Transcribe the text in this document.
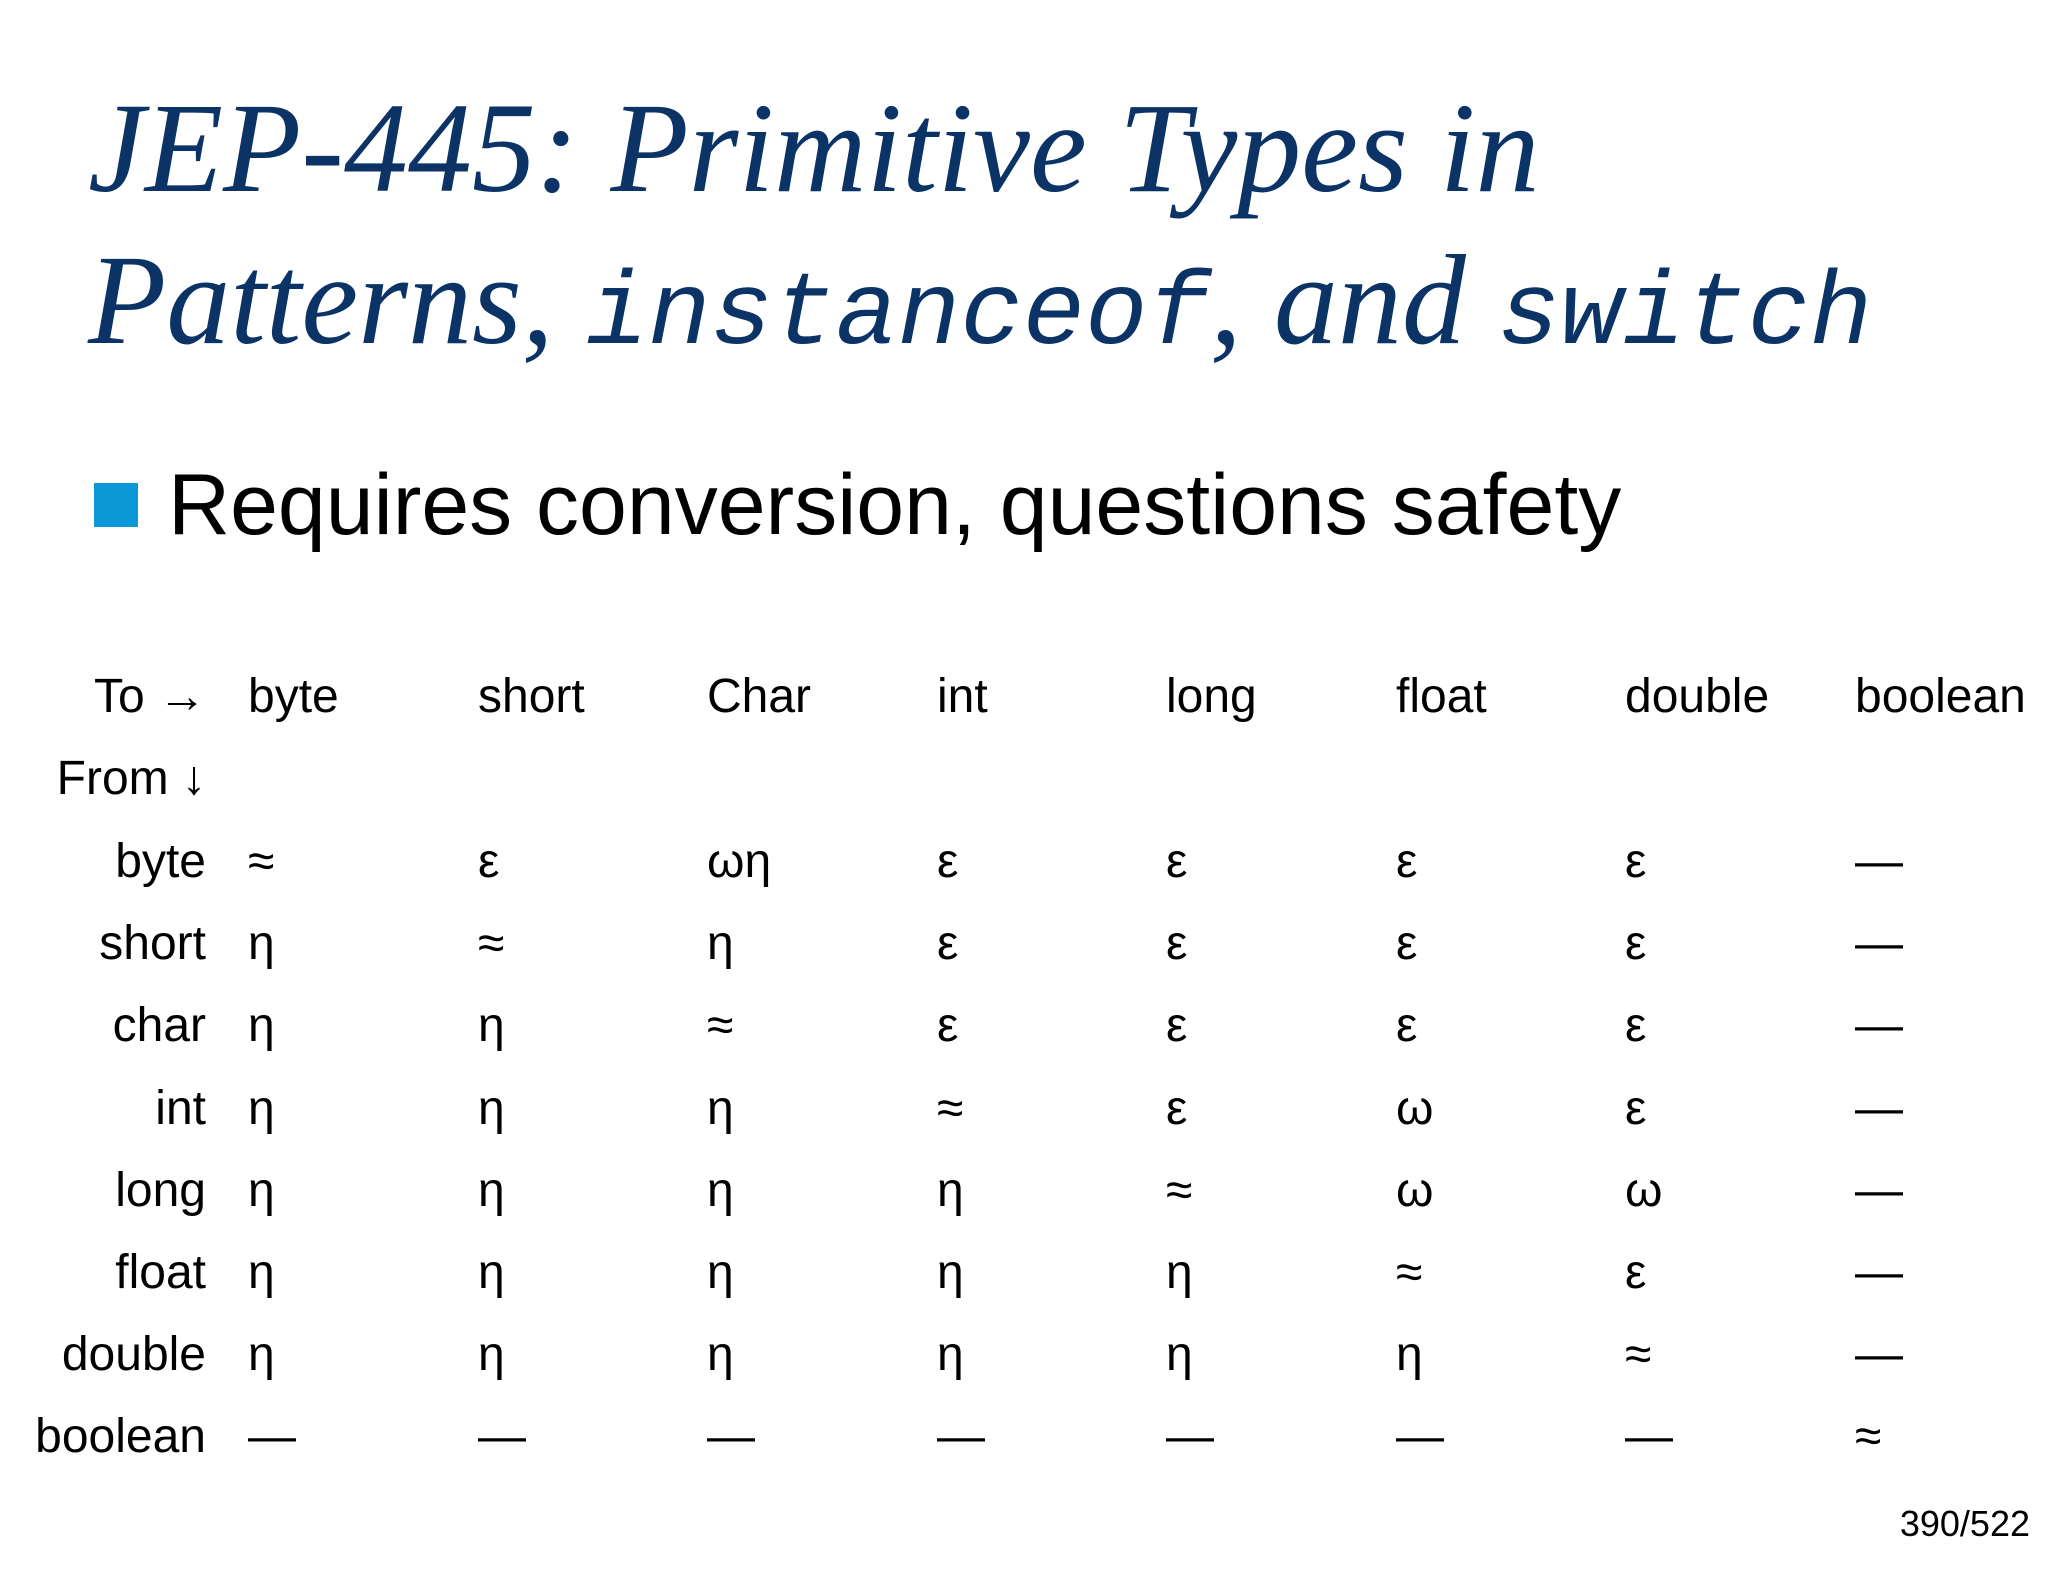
JEP-445: Primitive Types in
Patterns, instanceof, and switch
Requires conversion, questions safety
To →
From ↓
byte	short	Char	int	long	float	double boolean
byte ≈	ε	ωη	ε	ε	ε	ε	—
short η	≈	η	ε	ε	ε	ε	—
char η	η	≈	ε	ε	ε	ε	—
int η	η	η	≈	ε	ω	ε	—
long η	η	η	η	≈	ω	ω	—
float η	η	η	η	η	≈	ε	—
double η	η	η	η	η	η	≈	—
boolean —	—	—	—	—	—	—	≈
390/522
